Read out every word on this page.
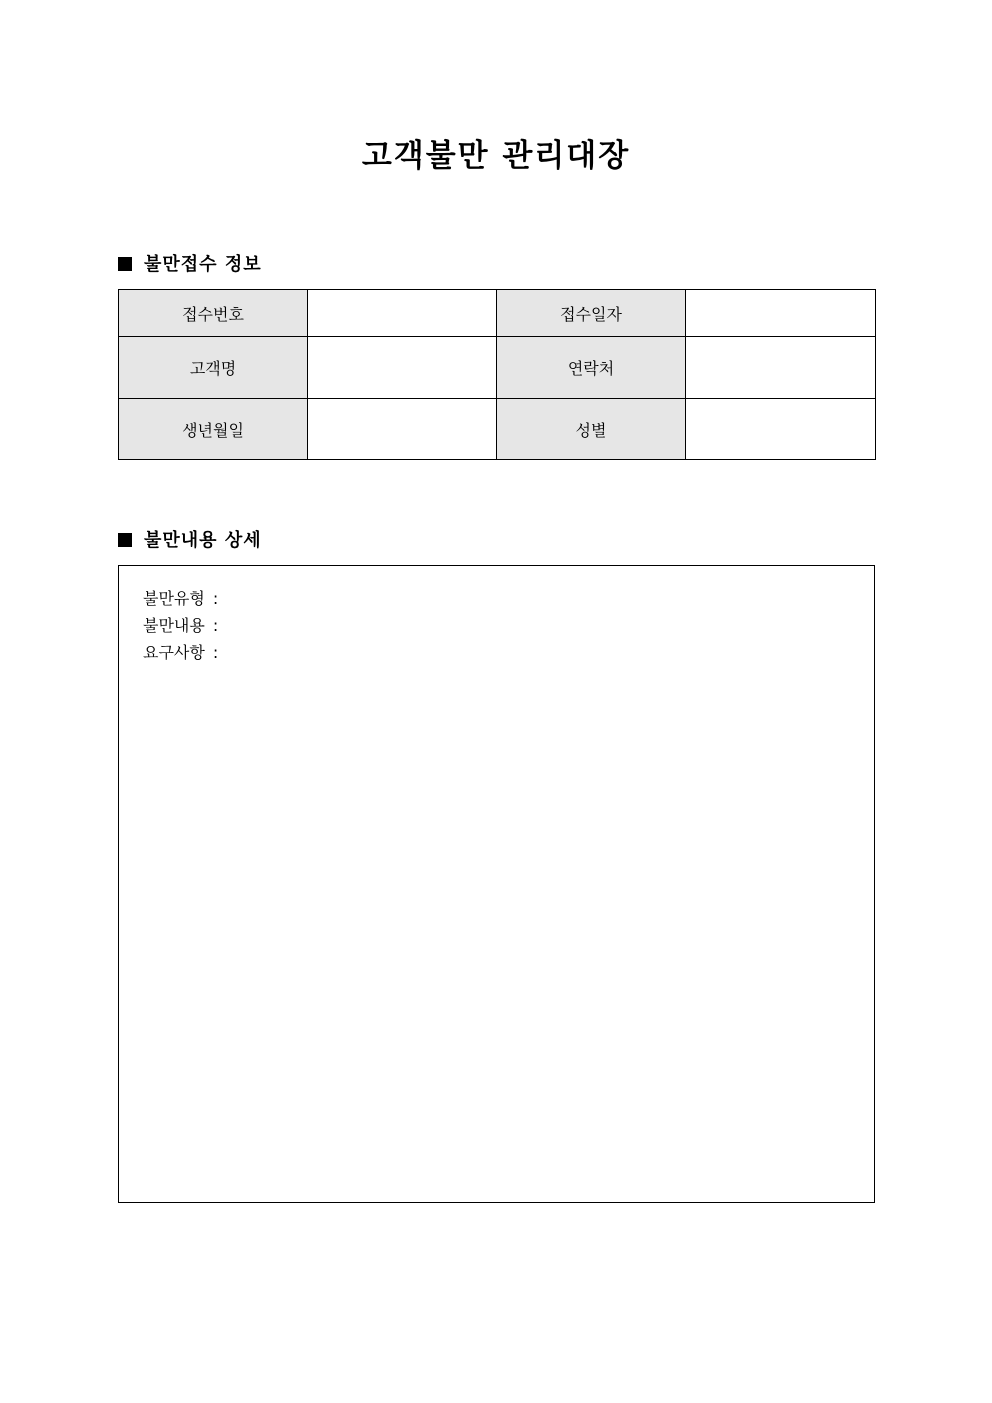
고객불만 관리대장
불만접수 정보
접수번호		접수일자	
고객명		연락처	
생년월일		성별	
불만내용 상세
불만유형 :
불만내용 :
요구사항 :
